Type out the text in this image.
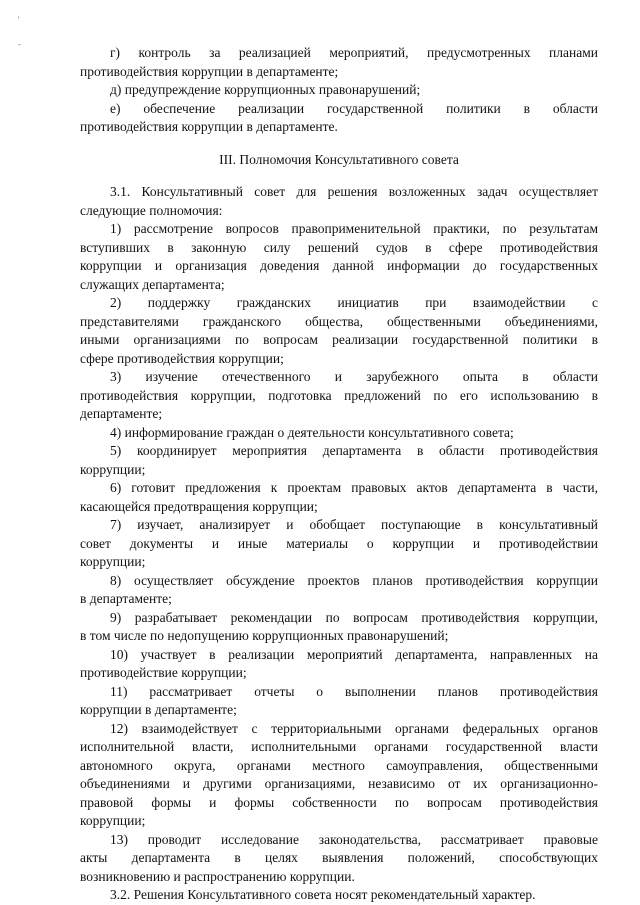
'
-
г) контроль за реализацией мероприятий, предусмотренных планами
противодействия коррупции в департаменте;
д) предупреждение коррупционных правонарушений;
е) обеспечение реализации государственной политики в области
противодействия коррупции в департаменте.
III. Полномочия Консультативного совета
3.1. Консультативный совет для решения возложенных задач осуществляет
следующие полномочия:
1) рассмотрение вопросов правоприменительной практики, по результатам
вступивших в законную силу решений судов в сфере противодействия
коррупции и организация доведения данной информации до государственных
служащих департамента;
2) поддержку гражданских инициатив при взаимодействии с
представителями гражданского общества, общественными объединениями,
иными организациями по вопросам реализации государственной политики в
сфере противодействия коррупции;
3) изучение отечественного и зарубежного опыта в области
противодействия коррупции, подготовка предложений по его использованию в
департаменте;
4) информирование граждан о деятельности консультативного совета;
5) координирует мероприятия департамента в области противодействия
коррупции;
6) готовит предложения к проектам правовых актов департамента в части,
касающейся предотвращения коррупции;
7) изучает, анализирует и обобщает поступающие в консультативный
совет документы и иные материалы о коррупции и противодействии
коррупции;
8) осуществляет обсуждение проектов планов противодействия коррупции
в департаменте;
9) разрабатывает рекомендации по вопросам противодействия коррупции,
в том числе по недопущению коррупционных правонарушений;
10) участвует в реализации мероприятий департамента, направленных на
противодействие коррупции;
11) рассматривает отчеты о выполнении планов противодействия
коррупции в департаменте;
12) взаимодействует с территориальными органами федеральных органов
исполнительной власти, исполнительными органами государственной власти
автономного округа, органами местного самоуправления, общественными
объединениями и другими организациями, независимо от их организационно-
правовой формы и формы собственности по вопросам противодействия
коррупции;
13) проводит исследование законодательства, рассматривает правовые
акты департамента в целях выявления положений, способствующих
возникновению и распространению коррупции.
3.2. Решения Консультативного совета носят рекомендательный характер.
